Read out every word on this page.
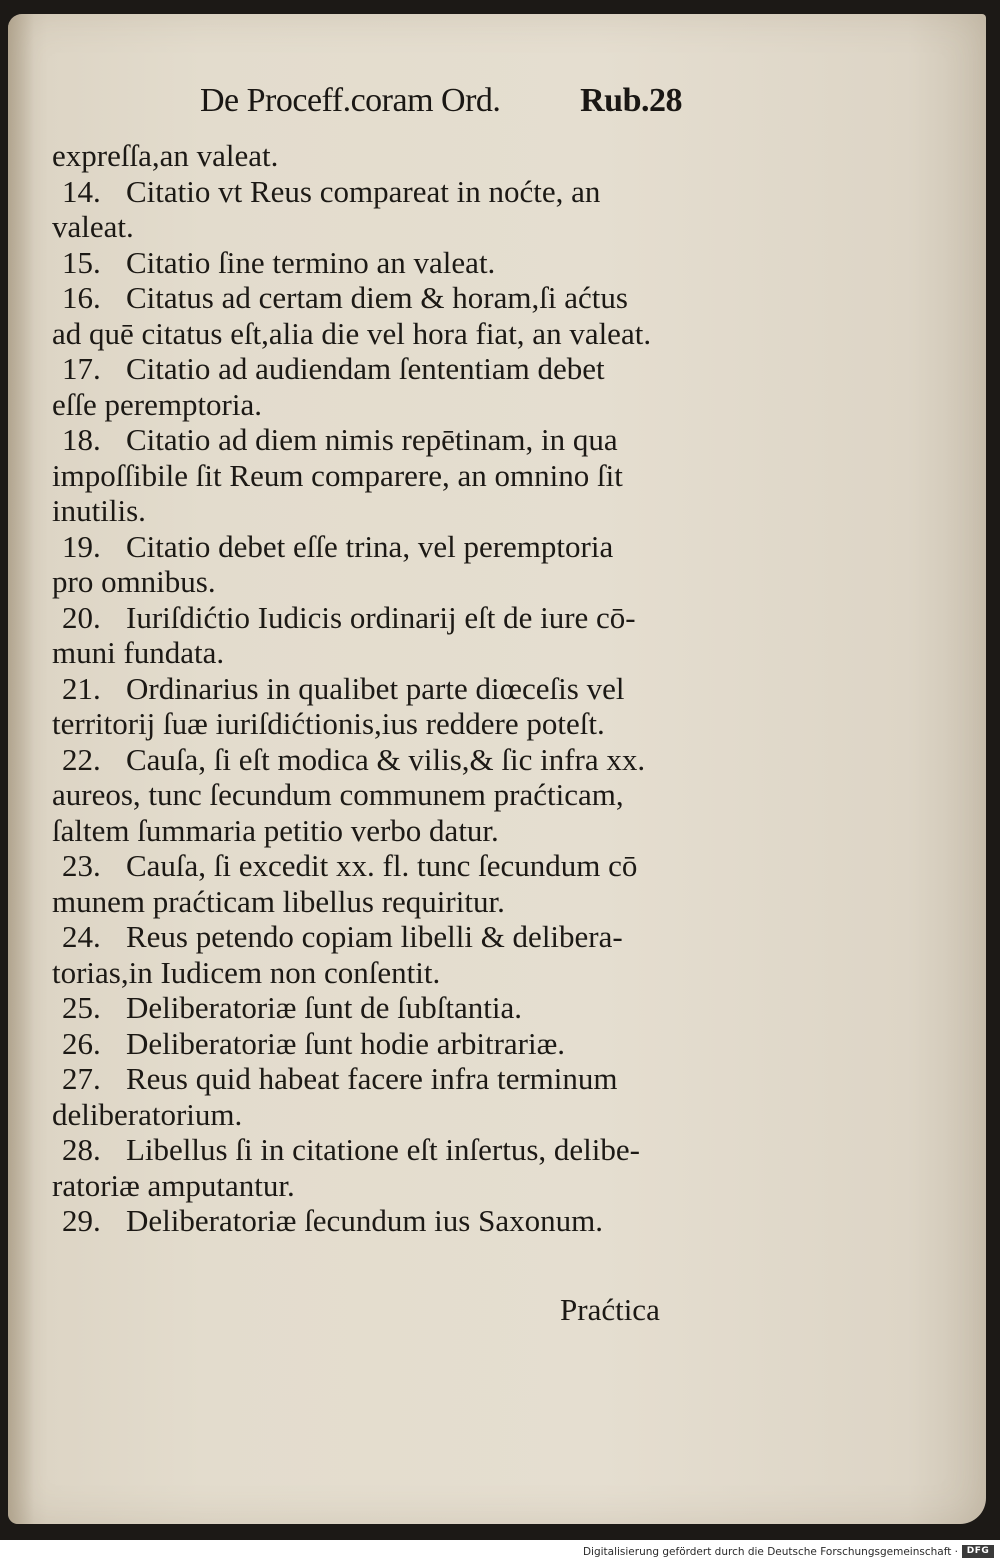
De Proceff.coram Ord. Rub.28
expreſſa,an valeat.
14. Citatio vt Reus compareat in noćte, an
valeat.
15. Citatio ſine termino an valeat.
16. Citatus ad certam diem & horam,ſi aćtus
ad quē citatus eſt,alia die vel hora fiat, an valeat.
17. Citatio ad audiendam ſententiam debet
eſſe peremptoria.
18. Citatio ad diem nimis repētinam, in qua
impoſſibile ſit Reum comparere, an omnino ſit
inutilis.
19. Citatio debet eſſe trina, vel peremptoria
pro omnibus.
20. Iuriſdićtio Iudicis ordinarij eſt de iure cō-
muni fundata.
21. Ordinarius in qualibet parte diœceſis vel
territorij ſuæ iuriſdićtionis,ius reddere poteſt.
22. Cauſa, ſi eſt modica & vilis,& ſic infra xx.
aureos, tunc ſecundum communem praćticam,
ſaltem ſummaria petitio verbo datur.
23. Cauſa, ſi excedit xx. fl. tunc ſecundum cō
munem praćticam libellus requiritur.
24. Reus petendo copiam libelli & delibera-
torias,in Iudicem non conſentit.
25. Deliberatoriæ ſunt de ſubſtantia.
26. Deliberatoriæ ſunt hodie arbitrariæ.
27. Reus quid habeat facere infra terminum
deliberatorium.
28. Libellus ſi in citatione eſt inſertus, delibe-
ratoriæ amputantur.
29. Deliberatoriæ ſecundum ius Saxonum.
Praćtica
Digitalisierung gefördert durch die Deutsche Forschungsgemeinschaft · DFG
